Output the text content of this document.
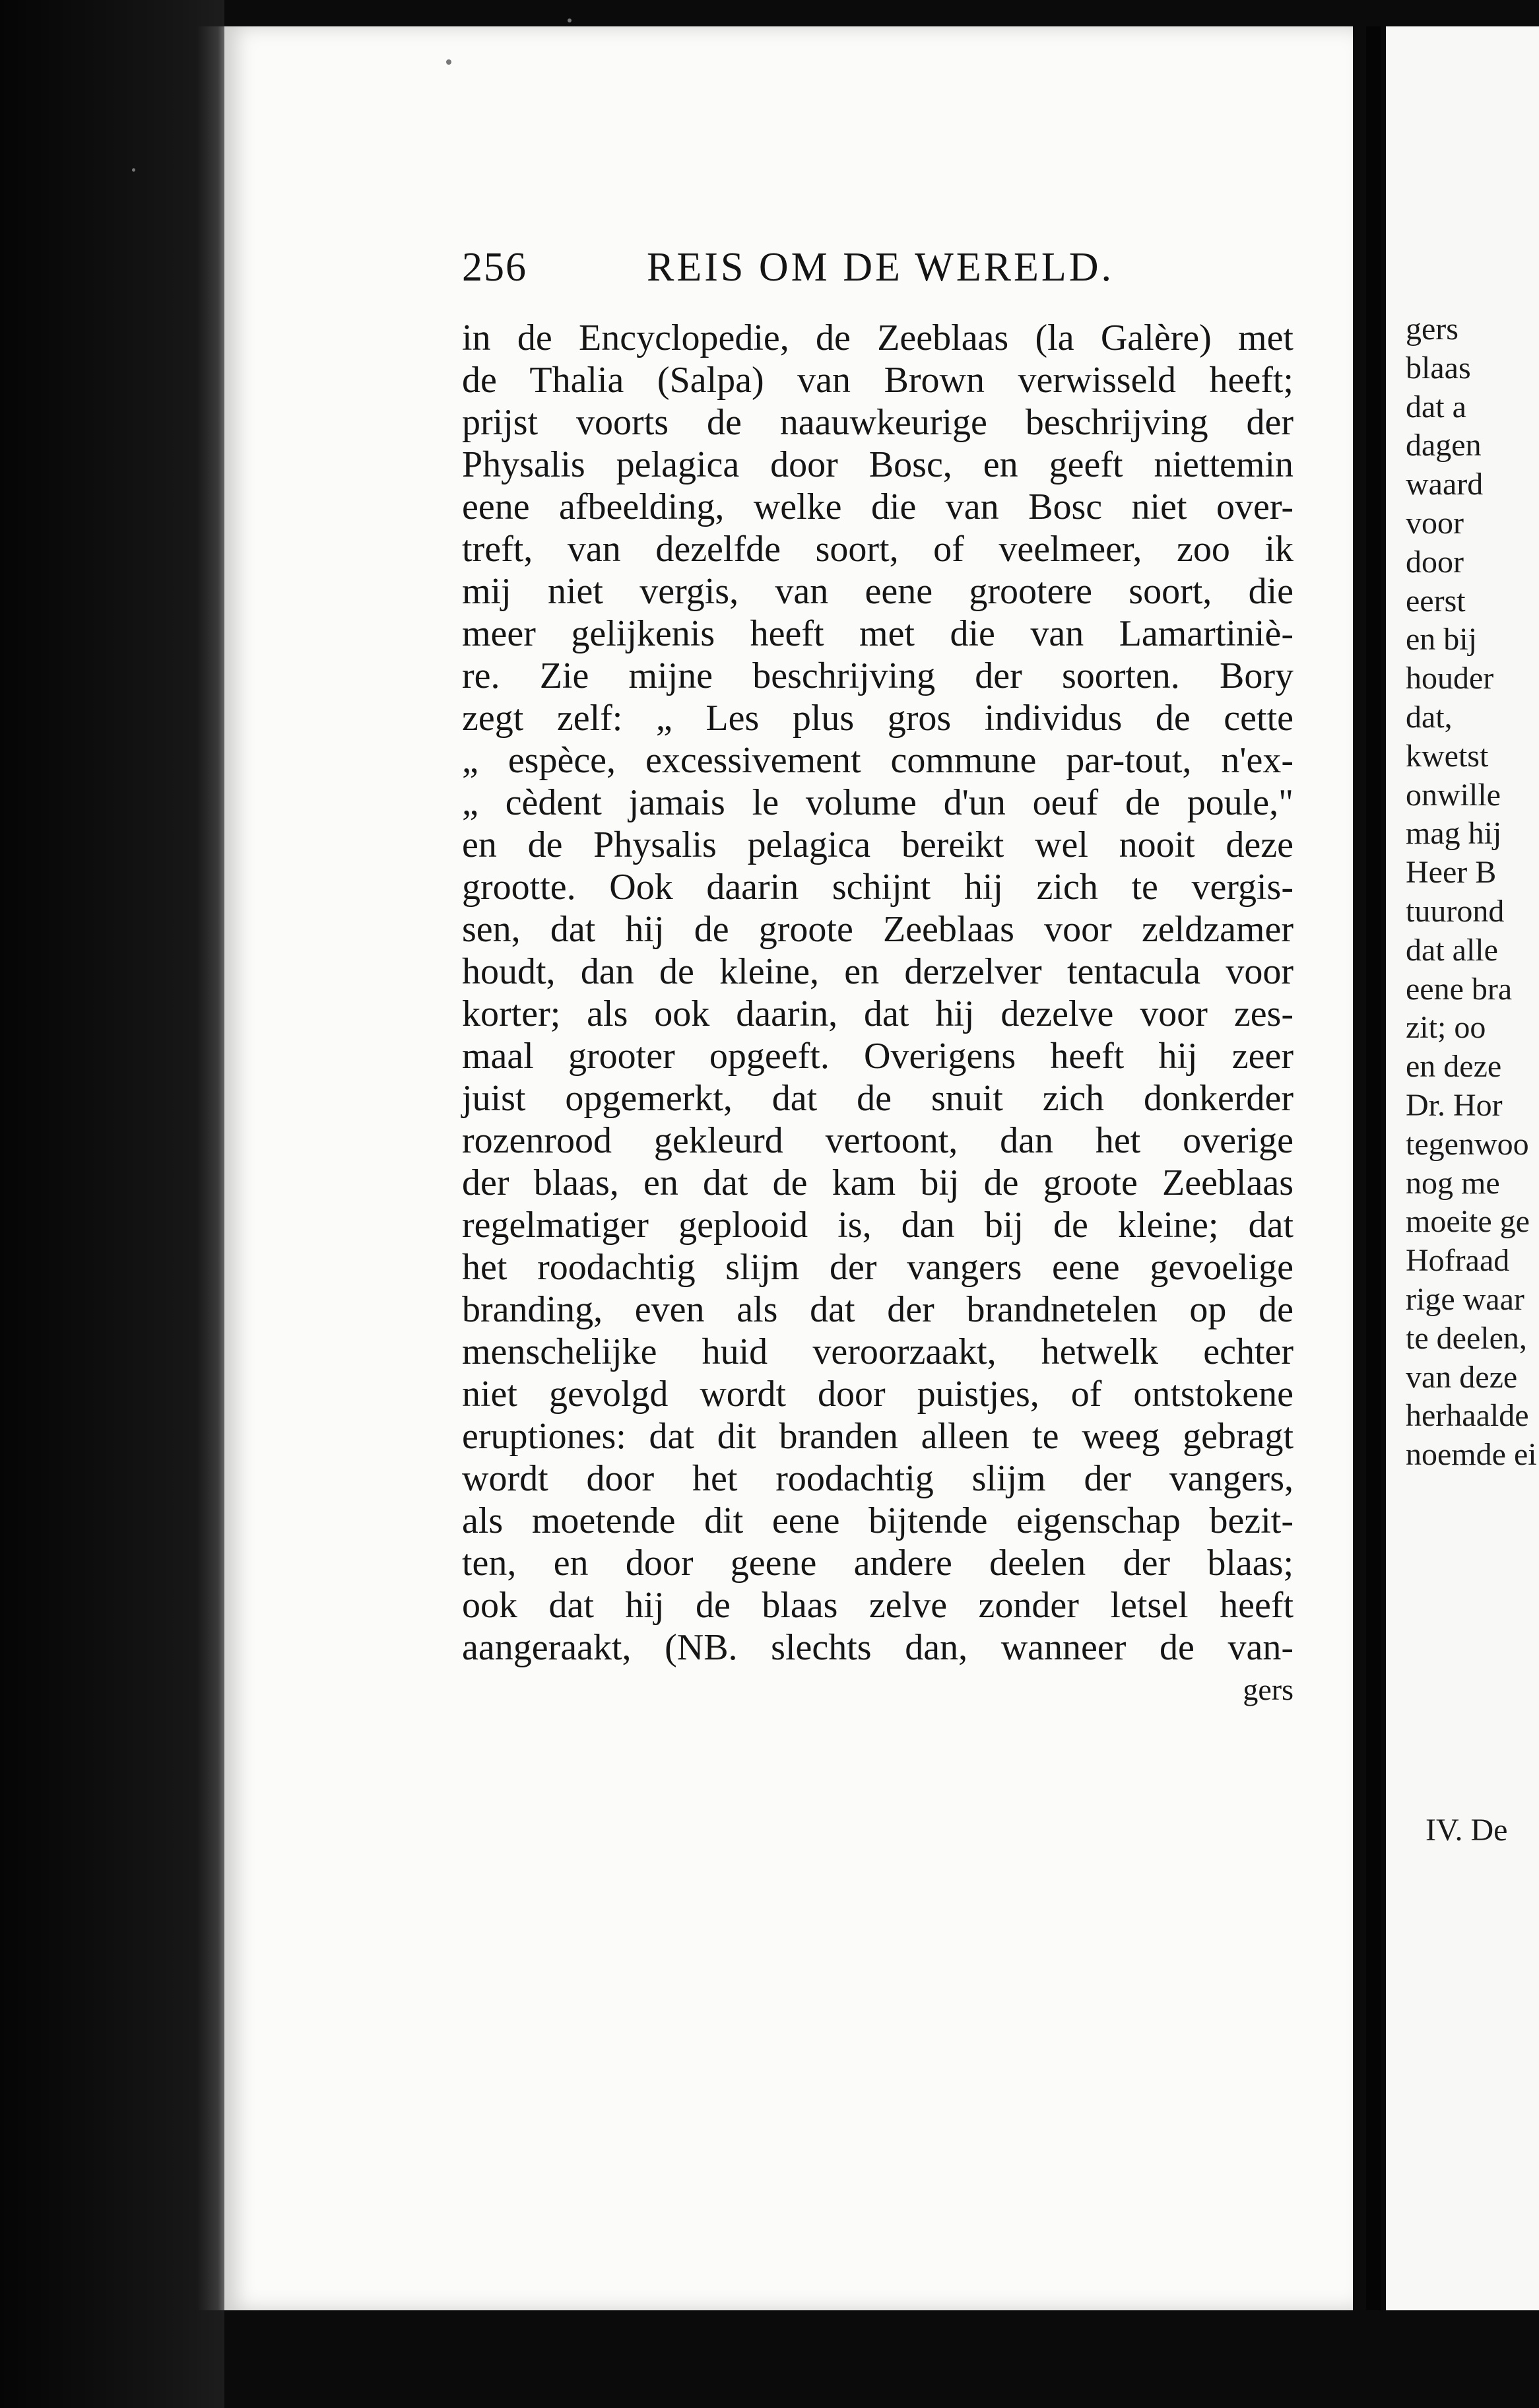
256	REIS OM DE WERELD.
in de Encyclopedie, de Zeeblaas (la Galère) met
de Thalia (Salpa) van Brown verwisseld heeft;
prijst voorts de naauwkeurige beschrijving der
Physalis pelagica door Bosc, en geeft niettemin
eene afbeelding, welke die van Bosc niet over-
treft, van dezelfde soort, of veelmeer, zoo ik
mij niet vergis, van eene grootere soort, die
meer gelijkenis heeft met die van Lamartiniè-
re. Zie mijne beschrijving der soorten. Bory
zegt zelf: „ Les plus gros individus de cette
„ espèce, excessivement commune par-tout, n'ex-
„ cèdent jamais le volume d'un oeuf de poule,"
en de Physalis pelagica bereikt wel nooit deze
grootte. Ook daarin schijnt hij zich te vergis-
sen, dat hij de groote Zeeblaas voor zeldzamer
houdt, dan de kleine, en derzelver tentacula voor
korter; als ook daarin, dat hij dezelve voor zes-
maal grooter opgeeft. Overigens heeft hij zeer
juist opgemerkt, dat de snuit zich donkerder
rozenrood gekleurd vertoont, dan het overige
der blaas, en dat de kam bij de groote Zeeblaas
regelmatiger geplooid is, dan bij de kleine; dat
het roodachtig slijm der vangers eene gevoelige
branding, even als dat der brandnetelen op de
menschelijke huid veroorzaakt, hetwelk echter
niet gevolgd wordt door puistjes, of ontstokene
eruptiones: dat dit branden alleen te weeg gebragt
wordt door het roodachtig slijm der vangers,
als moetende dit eene bijtende eigenschap bezit-
ten, en door geene andere deelen der blaas;
ook dat hij de blaas zelve zonder letsel heeft
aangeraakt, (NB. slechts dan, wanneer de van-
gers
gers
blaas
dat a
dagen
waard
voor
door
eerst
en bij
houder
dat,
kwetst
onwille
mag hij
Heer B
tuurond
dat alle
eene bra
zit; oo
en deze
Dr. Hor
tegenwoo
nog me
moeite ge
Hofraad
rige waar
te deelen,
van deze
herhaalde
noemde ei
IV. De
